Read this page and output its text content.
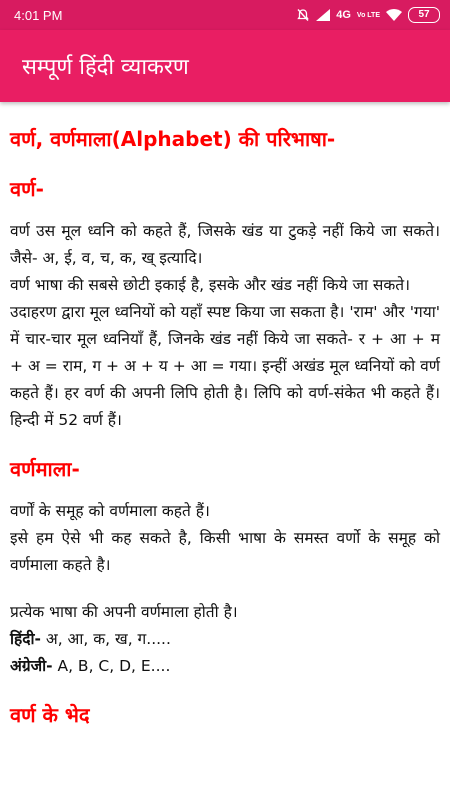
4:01 PM	4G Vo LTE	57
सम्पूर्ण हिंदी व्याकरण
वर्ण, वर्णमाला(Alphabet) की परिभाषा-
वर्ण-

वर्ण उस मूल ध्वनि को कहते हैं, जिसके खंड या टुकड़े नहीं किये जा सकते। जैसे- अ, ई, व, च, क, ख् इत्यादि।

वर्ण भाषा की सबसे छोटी इकाई है, इसके और खंड नहीं किये जा सकते।

उदाहरण द्वारा मूल ध्वनियों को यहाँ स्पष्ट किया जा सकता है। 'राम' और 'गया' में चार-चार मूल ध्वनियाँ हैं, जिनके खंड नहीं किये जा सकते- र + आ + म + अ = राम, ग + अ + य + आ = गया। इन्हीं अखंड मूल ध्वनियों को वर्ण कहते हैं। हर वर्ण की अपनी लिपि होती है। लिपि को वर्ण-संकेत भी कहते हैं। हिन्दी में 52 वर्ण हैं।

वर्णमाला-

वर्णों के समूह को वर्णमाला कहते हैं।

इसे हम ऐसे भी कह सकते है, किसी भाषा के समस्त वर्णो के समूह को वर्णमाला कहते है।

प्रत्येक भाषा की अपनी वर्णमाला होती है।

हिंदी- अ, आ, क, ख, ग.....

अंग्रेजी- A, B, C, D, E....

वर्ण के भेद
